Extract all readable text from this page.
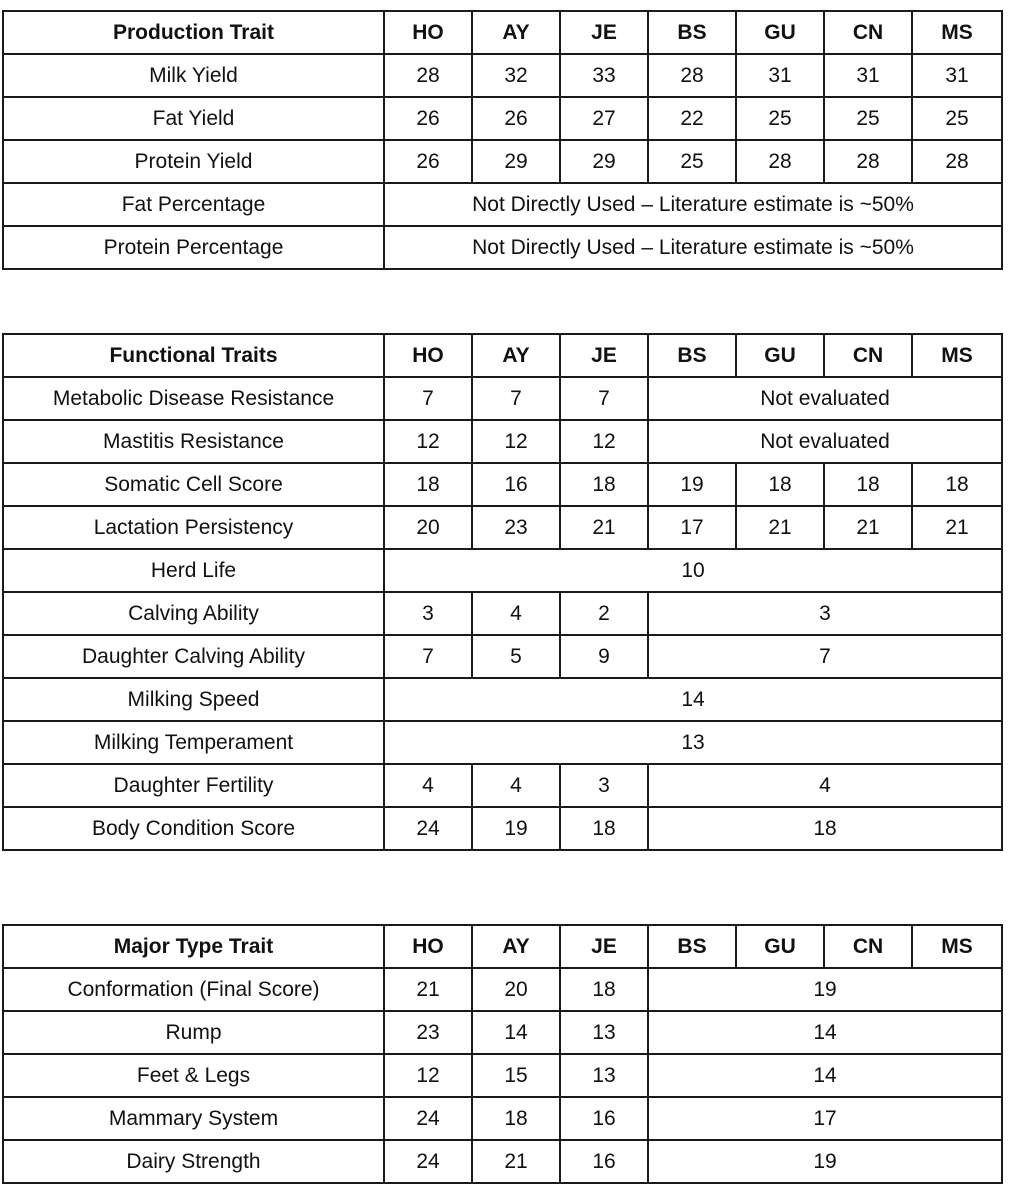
Production Trait	HO	AY	JE	BS	GU	CN	MS
Milk Yield	28	32	33	28	31	31	31
Fat Yield	26	26	27	22	25	25	25
Protein Yield	26	29	29	25	28	28	28
Fat Percentage	Not Directly Used – Literature estimate is ~50%						
Protein Percentage	Not Directly Used – Literature estimate is ~50%						
Functional Traits	HO	AY	JE	BS	GU	CN	MS
Metabolic Disease Resistance	7	7	7	Not evaluated			
Mastitis Resistance	12	12	12	Not evaluated			
Somatic Cell Score	18	16	18	19	18	18	18
Lactation Persistency	20	23	21	17	21	21	21
Herd Life	10						
Calving Ability	3	4	2	3			
Daughter Calving Ability	7	5	9	7			
Milking Speed	14						
Milking Temperament	13						
Daughter Fertility	4	4	3	4			
Body Condition Score	24	19	18	18			
Major Type Trait	HO	AY	JE	BS	GU	CN	MS
Conformation (Final Score)	21	20	18	19			
Rump	23	14	13	14			
Feet & Legs	12	15	13	14			
Mammary System	24	18	16	17			
Dairy Strength	24	21	16	19			
